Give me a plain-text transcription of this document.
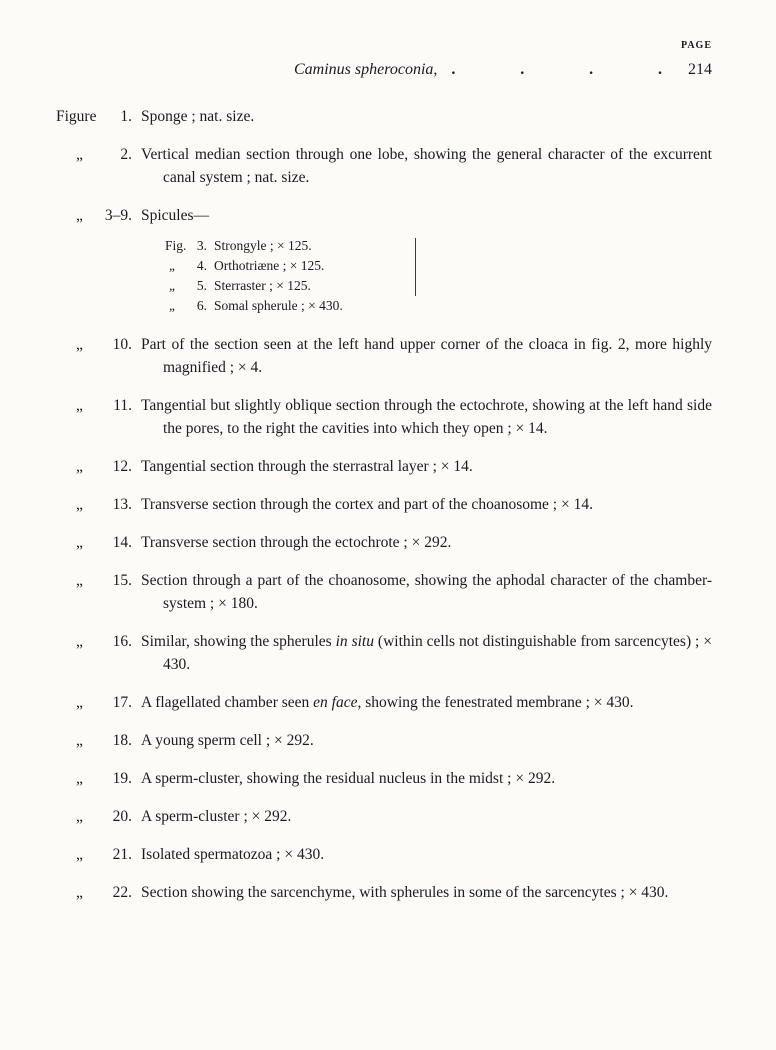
PAGE
Caminus spheroconia, .	.	.	. 214
Figure 1. Sponge ; nat. size.
„ 2. Vertical median section through one lobe, showing the general character of the excurrent canal system ; nat. size.
„ 3–9. Spicules—
Fig. 3. Strongyle ; × 125.
„ 4. Orthotriæne ; × 125.
„ 5. Sterraster ; × 125.
„ 6. Somal spherule ; × 430.
„ 10. Part of the section seen at the left hand upper corner of the cloaca in fig. 2, more highly magnified ; × 4.
„ 11. Tangential but slightly oblique section through the ectochrote, showing at the left hand side the pores, to the right the cavities into which they open ; × 14.
„ 12. Tangential section through the sterrastral layer ; × 14.
„ 13. Transverse section through the cortex and part of the choanosome ; × 14.
„ 14. Transverse section through the ectochrote ; × 292.
„ 15. Section through a part of the choanosome, showing the aphodal character of the chamber-system ; × 180.
„ 16. Similar, showing the spherules in situ (within cells not distinguishable from sarcencytes) ; × 430.
„ 17. A flagellated chamber seen en face, showing the fenestrated membrane ; × 430.
„ 18. A young sperm cell ; × 292.
„ 19. A sperm-cluster, showing the residual nucleus in the midst ; × 292.
„ 20. A sperm-cluster ; × 292.
„ 21. Isolated spermatozoa ; × 430.
„ 22. Section showing the sarcenchyme, with spherules in some of the sarcencytes ; × 430.
